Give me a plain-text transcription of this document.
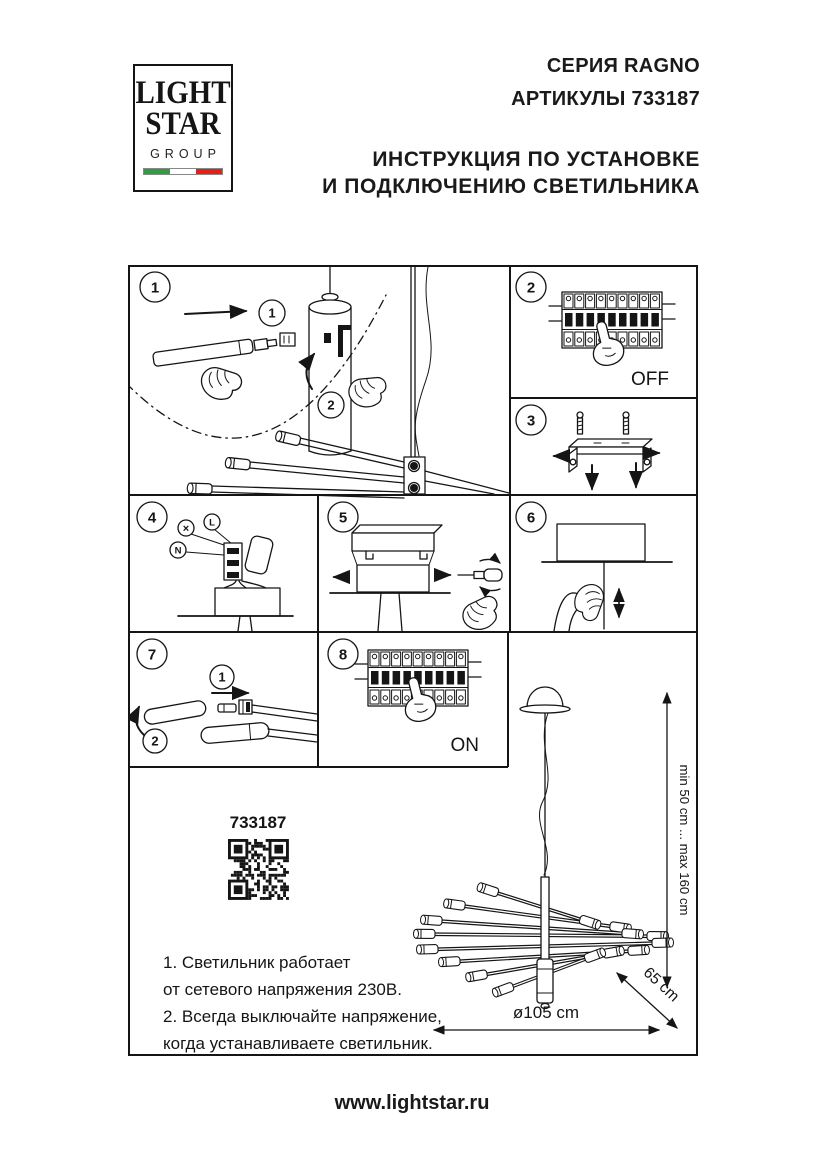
LIGHT
STAR
GROUP
СЕРИЯ RAGNO
АРТИКУЛЫ 733187
ИНСТРУКЦИЯ ПО УСТАНОВКЕ
И ПОДКЛЮЧЕНИЮ СВЕТИЛЬНИКА
1
1
2
2
OFF
3
4
× L
N
5	6
7
1
2
8
ON
733187
1. Светильник работает
от сетевого напряжения 230В.
2. Всегда выключайте напряжение,
когда устанавливаете светильник.
min 50 cm ... max 160 cm
ø105 cm
65 cm
www.lightstar.ru
